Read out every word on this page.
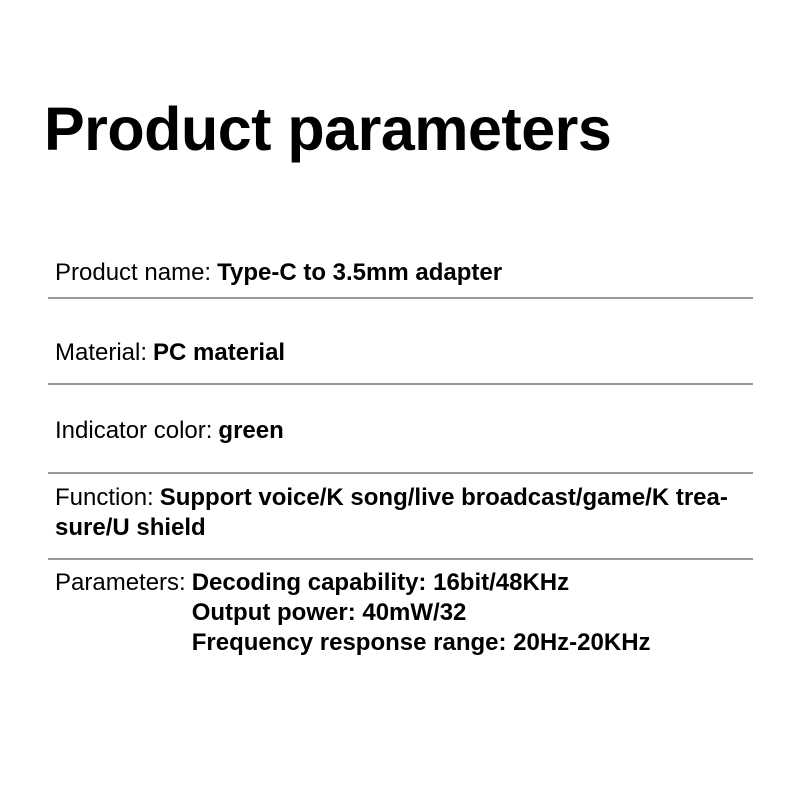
Product parameters

Product name: Type-C to 3.5mm adapter

Material: PC material

Indicator color: green

Function: Support voice/K song/live broadcast/game/K trea-
sure/U shield

Parameters: Decoding capability: 16bit/48KHz
Output power: 40mW/32
Frequency response range: 20Hz-20KHz
